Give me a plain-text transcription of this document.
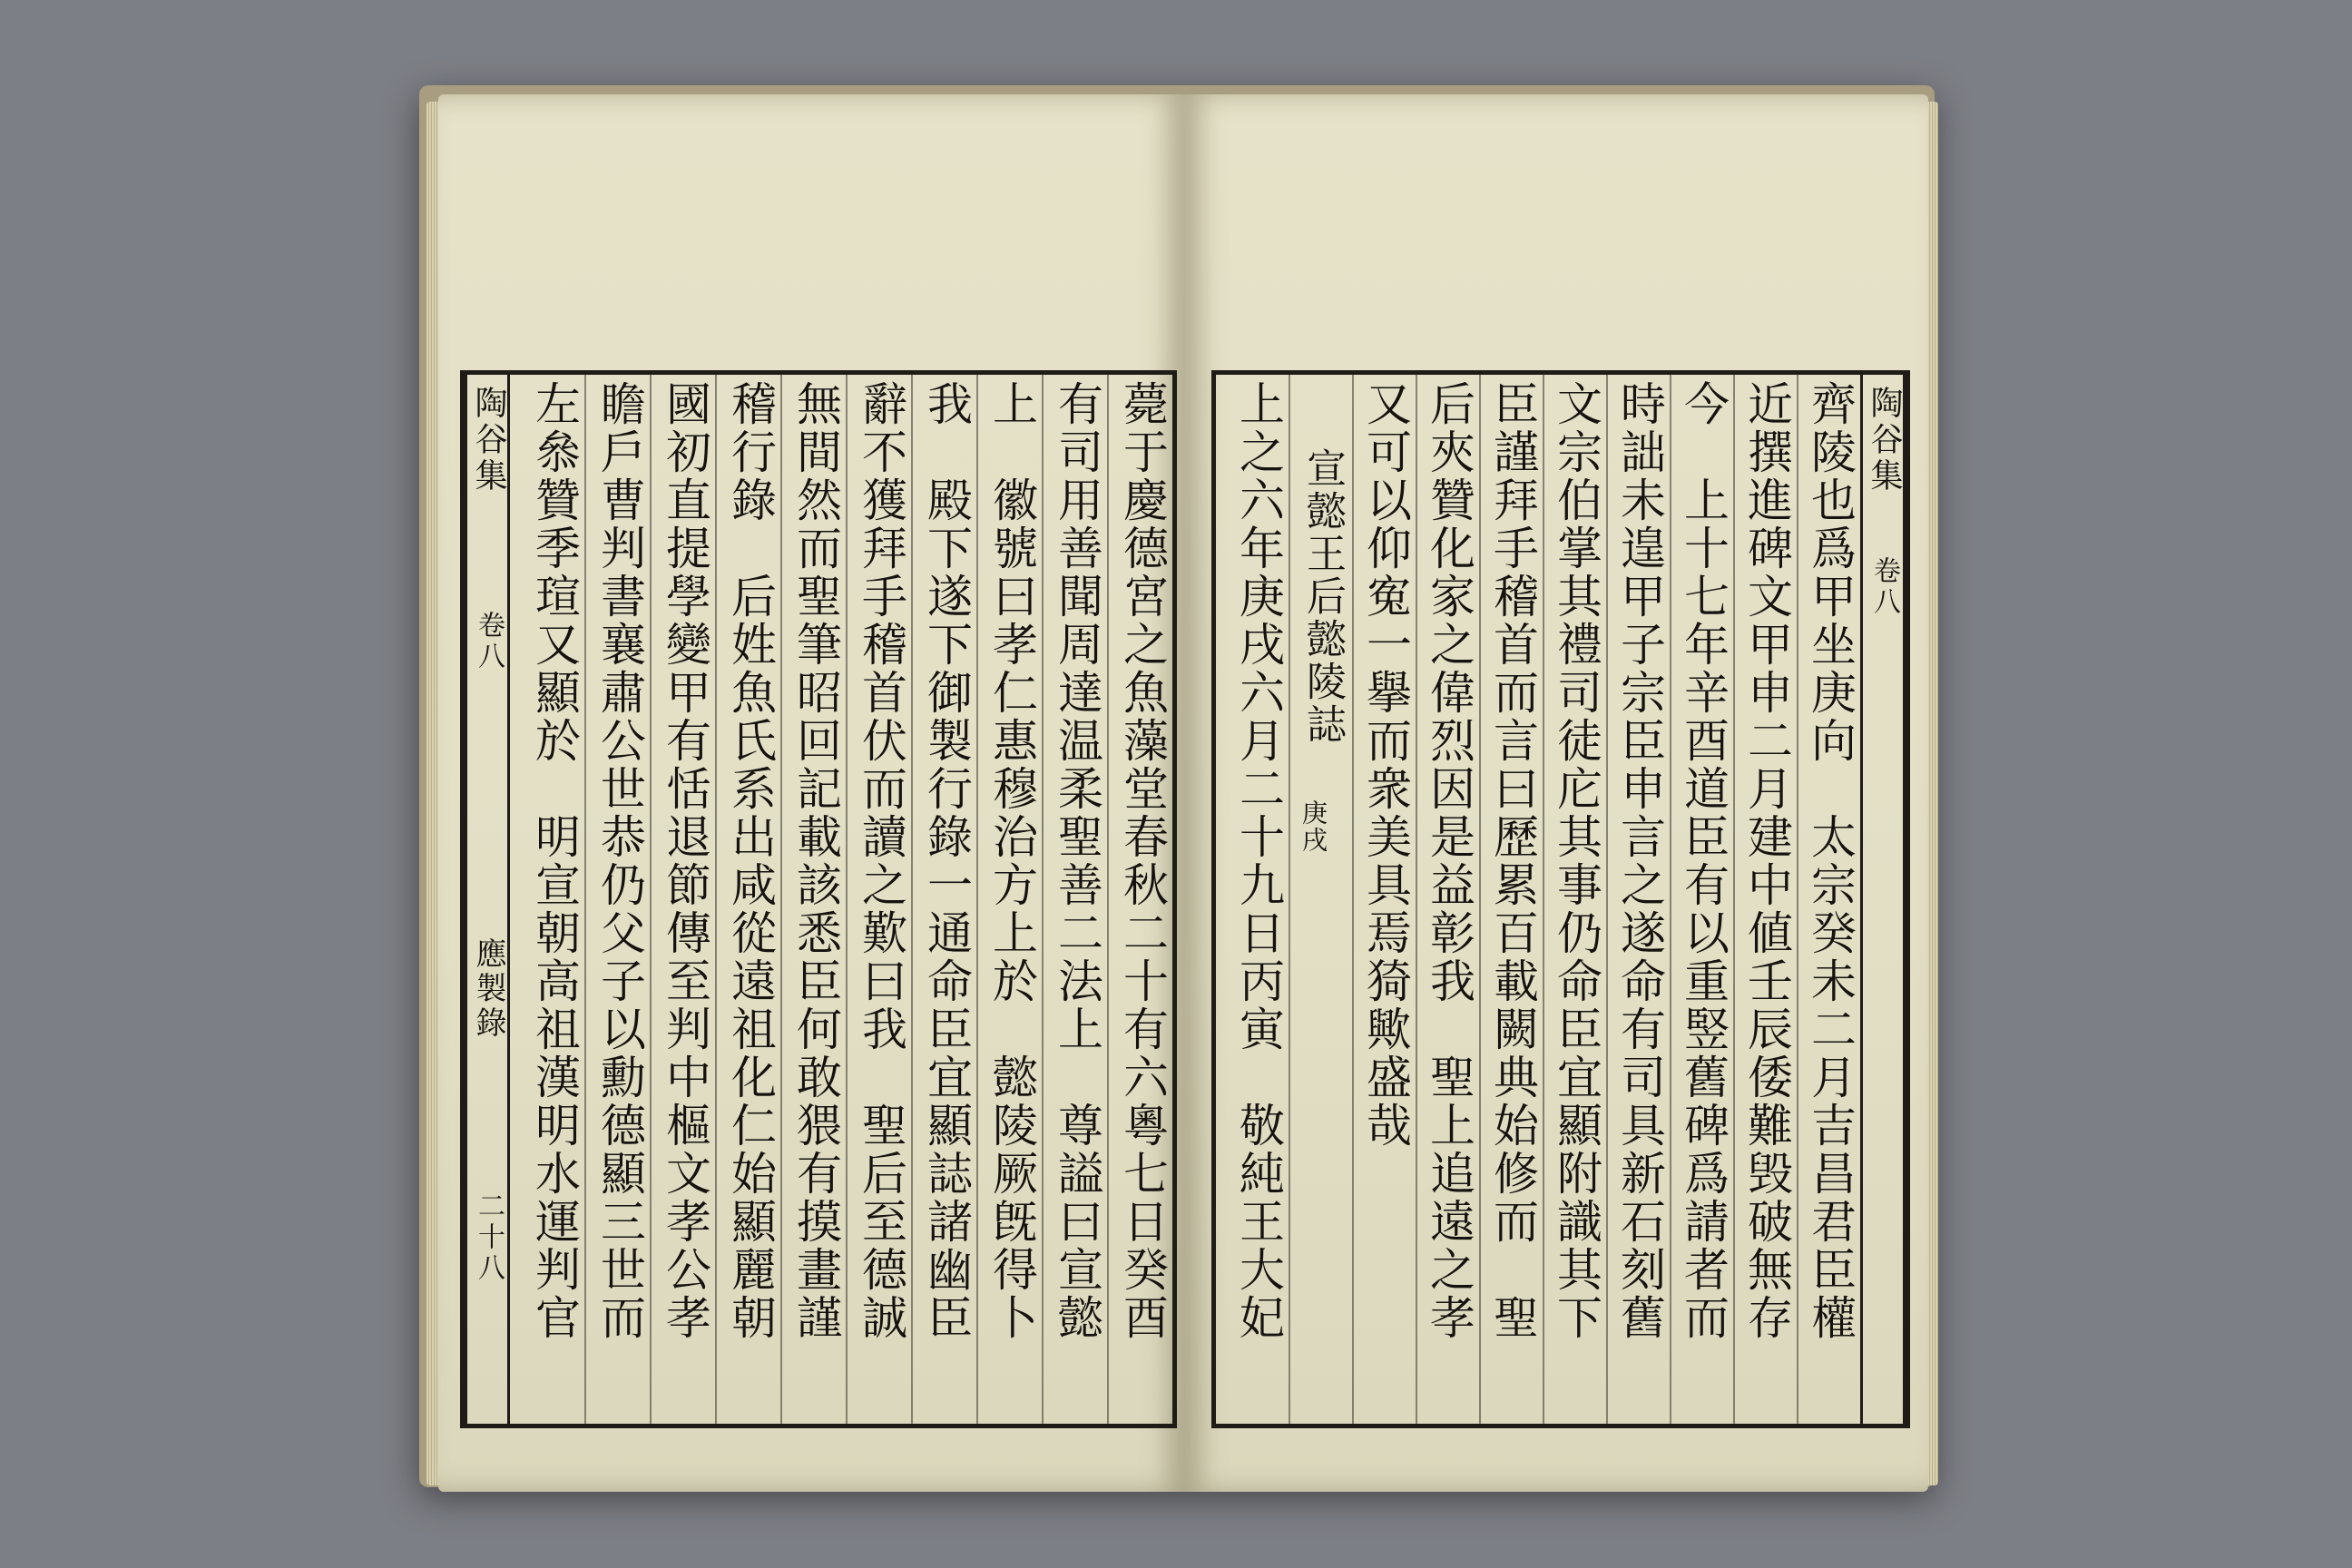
陶谷集
卷八
應製錄
二十八	薨于慶德宮之魚藻堂春秋二十有六粵七日癸酉
有司用善聞周達温柔聖善二法上　尊謚曰宣懿
上　徽號曰孝仁惠穆治方上於　懿陵厥旣得卜
我　殿下遂下御製行錄一通命臣宜顯誌諸幽臣
辭不獲拜手稽首伏而讀之歎曰我　聖后至德誠
無間然而聖筆昭回記載該悉臣何敢猥有摸畫謹
稽行錄　后姓魚氏系出咸從遠祖化仁始顯麗朝
國初直提學變甲有恬退節傳至判中樞文孝公孝
瞻戶曹判書襄肅公世恭仍父子以勳德顯三世而
左叅贊季瑄又顯於　明宣朝高祖漢明水運判官	陶谷集
卷八
齊陵也爲甲坐庚向　太宗癸未二月吉昌君臣權
近撰進碑文甲申二月建中値壬辰倭難毁破無存
今　上十七年辛酉道臣有以重竪舊碑爲請者而
時詘未遑甲子宗臣申言之遂命有司具新石刻舊
文宗伯掌其禮司徒庀其事仍命臣宜顯附識其下
臣謹拜手稽首而言曰歷累百載闕典始修而　聖
后夾贊化家之偉烈因是益彰我　聖上追遠之孝
又可以仰寃一擧而衆美具焉猗歟盛哉
宣懿王后懿陵誌
庚戌
上之六年庚戌六月二十九日丙寅　敬純王大妃
